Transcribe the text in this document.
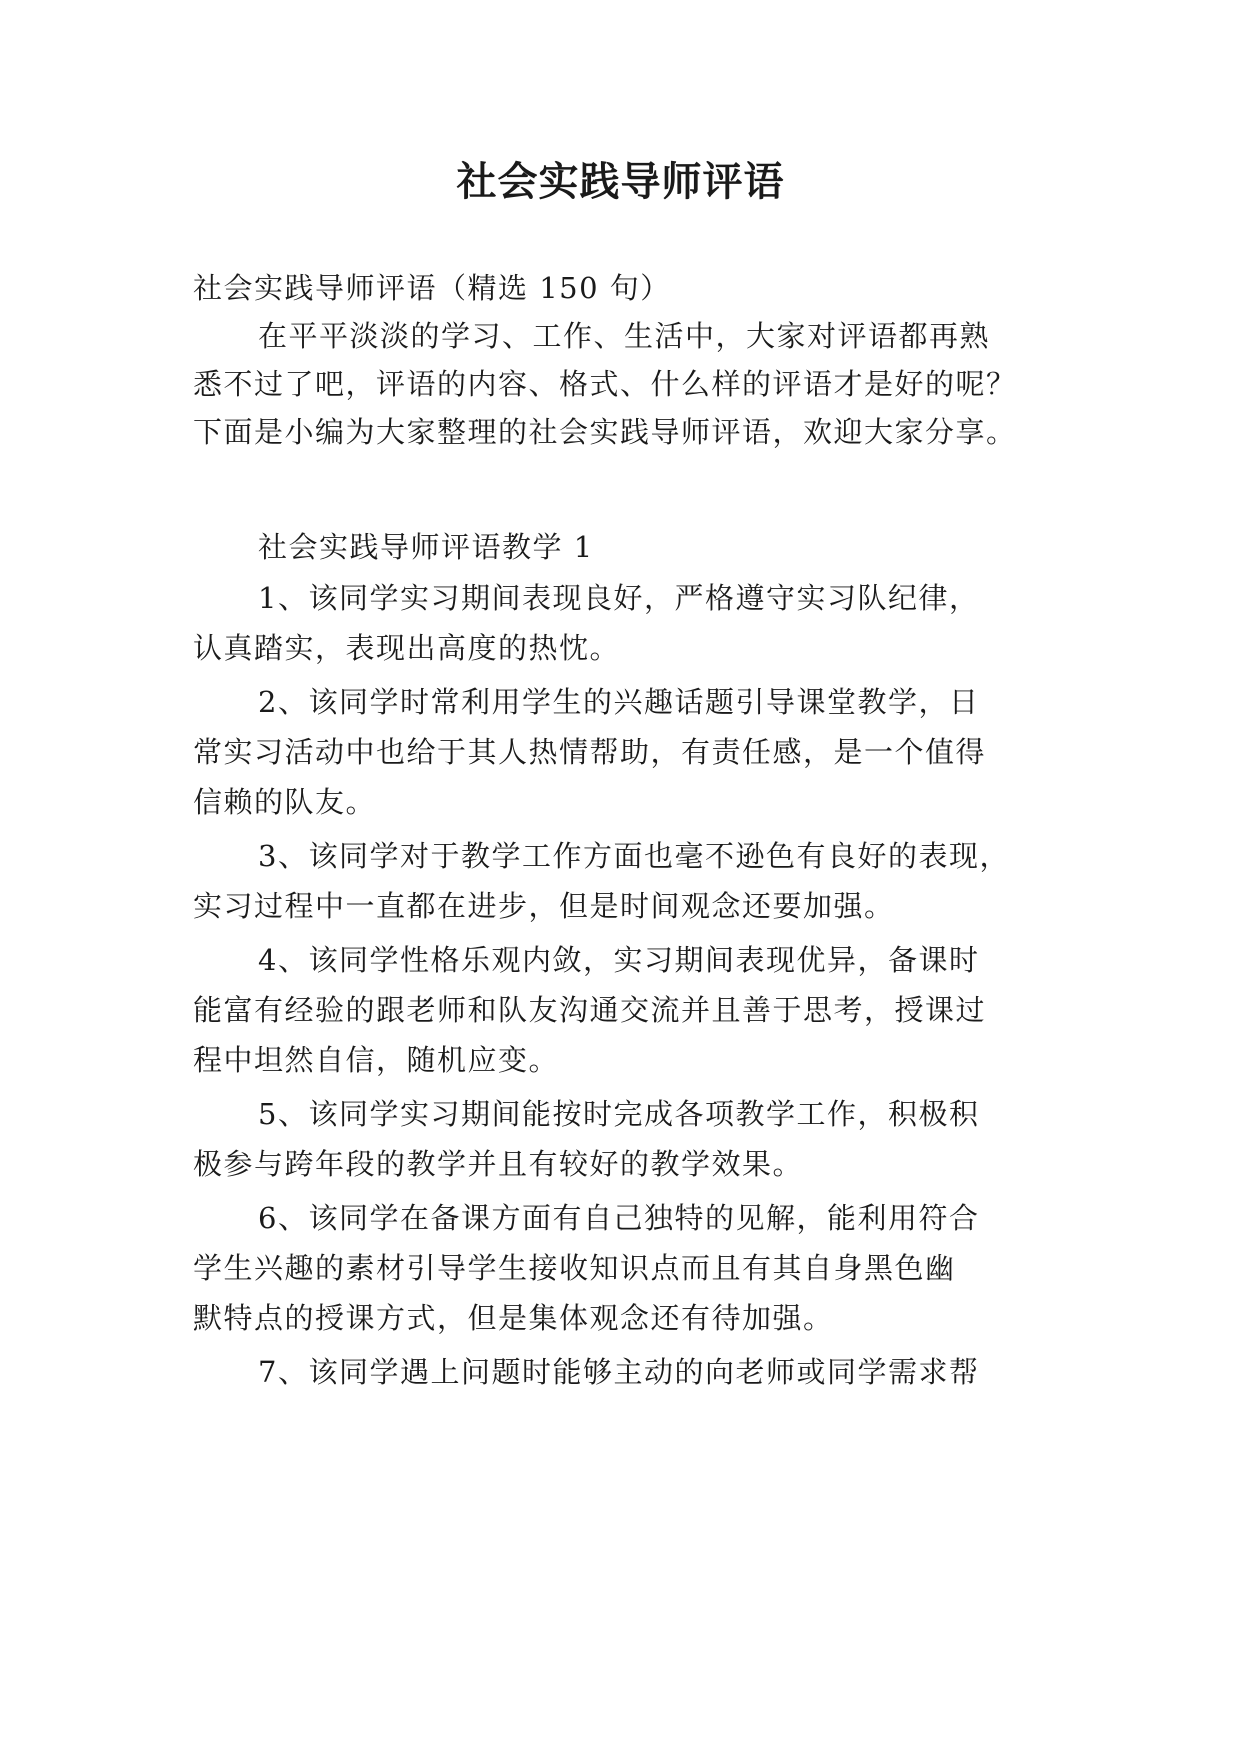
社会实践导师评语

社会实践导师评语（精选 150 句）

在平平淡淡的学习、工作、生活中，大家对评语都再熟

悉不过了吧，评语的内容、格式、什么样的评语才是好的呢？

下面是小编为大家整理的社会实践导师评语，欢迎大家分享。

社会实践导师评语教学 1

1、该同学实习期间表现良好，严格遵守实习队纪律，

认真踏实，表现出高度的热忱。

2、该同学时常利用学生的兴趣话题引导课堂教学，日

常实习活动中也给于其人热情帮助，有责任感，是一个值得

信赖的队友。

3、该同学对于教学工作方面也毫不逊色有良好的表现，

实习过程中一直都在进步，但是时间观念还要加强。

4、该同学性格乐观内敛，实习期间表现优异，备课时

能富有经验的跟老师和队友沟通交流并且善于思考，授课过

程中坦然自信，随机应变。

5、该同学实习期间能按时完成各项教学工作，积极积

极参与跨年段的教学并且有较好的教学效果。

6、该同学在备课方面有自己独特的见解，能利用符合

学生兴趣的素材引导学生接收知识点而且有其自身黑色幽

默特点的授课方式，但是集体观念还有待加强。

7、该同学遇上问题时能够主动的向老师或同学需求帮
